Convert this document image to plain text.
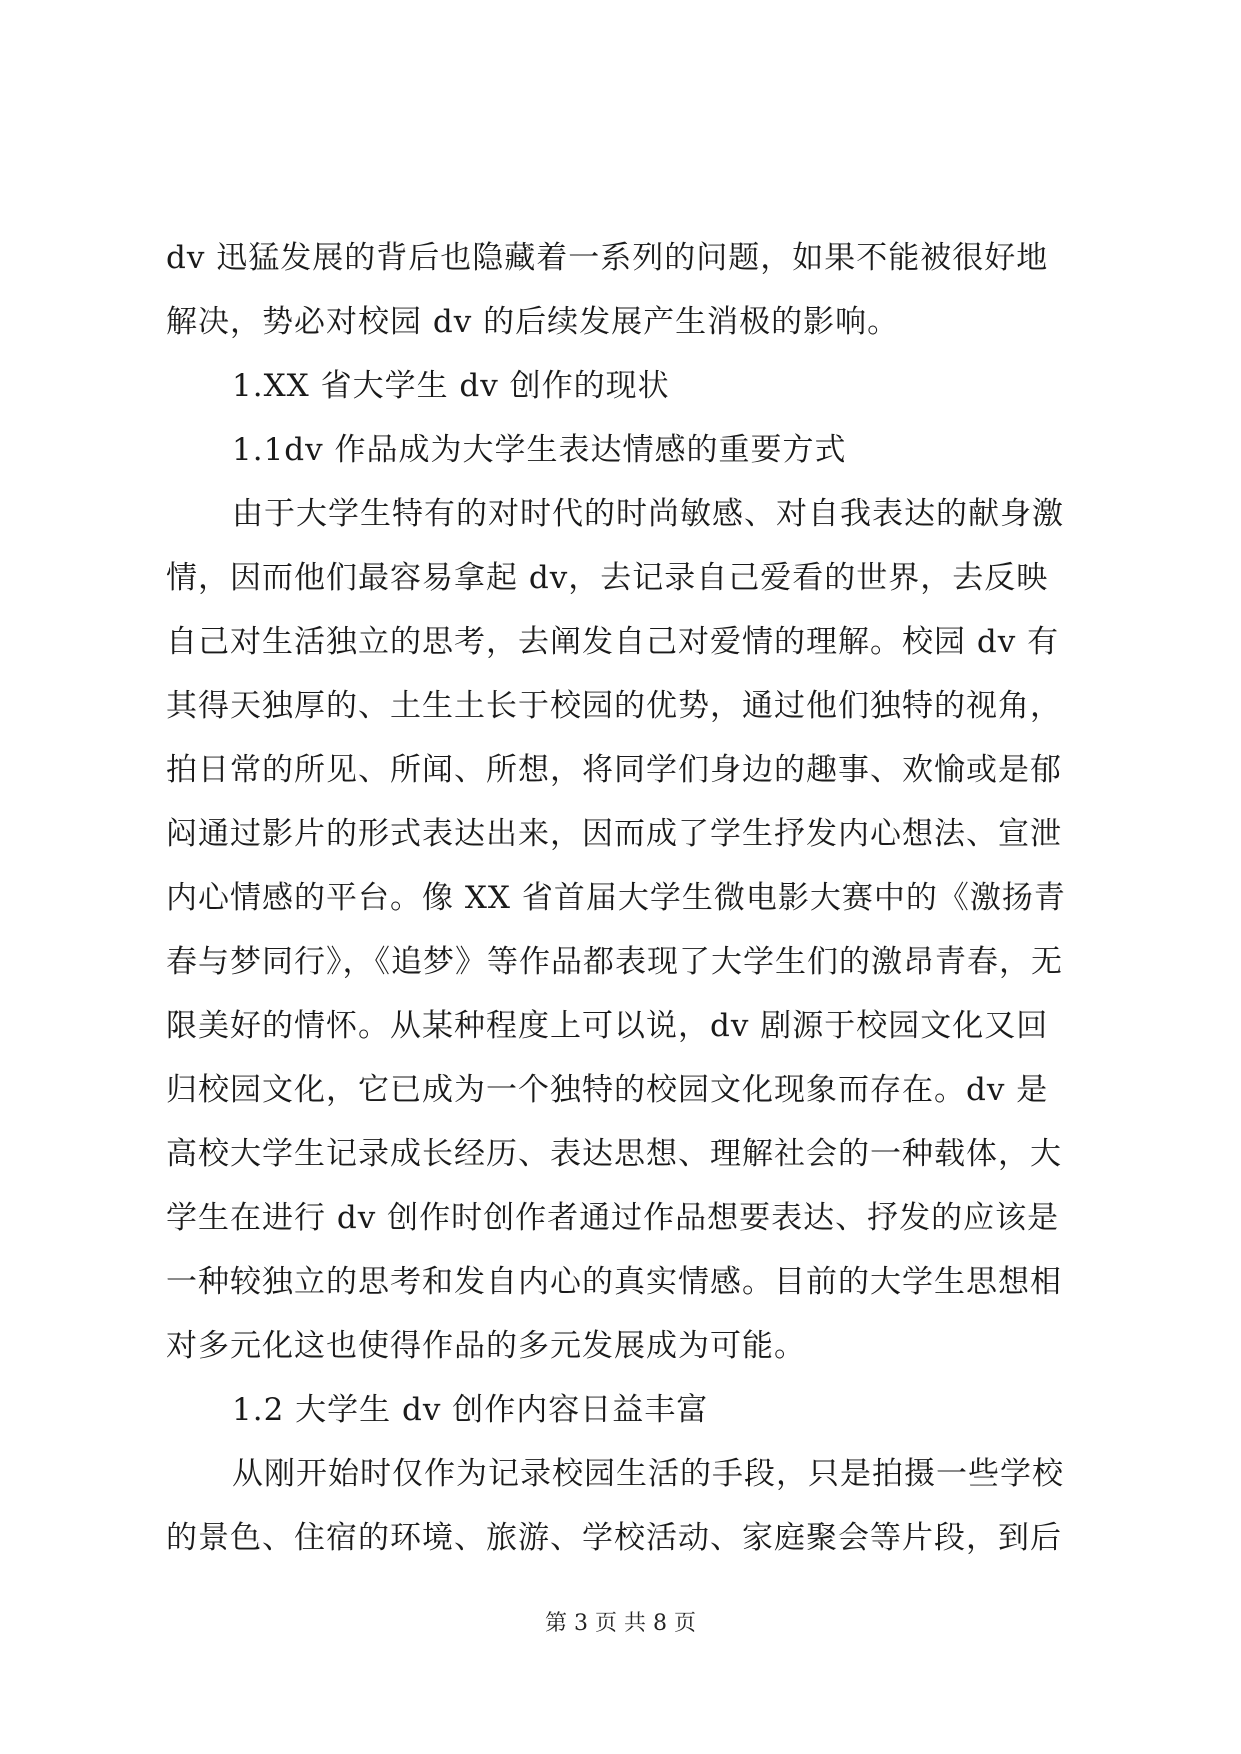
dv 迅猛发展的背后也隐藏着一系列的问题，如果不能被很好地
解决，势必对校园 dv 的后续发展产生消极的影响。
1.XX 省大学生 dv 创作的现状
1.1dv 作品成为大学生表达情感的重要方式
由于大学生特有的对时代的时尚敏感、对自我表达的献身激
情，因而他们最容易拿起 dv，去记录自己爱看的世界，去反映
自己对生活独立的思考，去阐发自己对爱情的理解。校园 dv 有
其得天独厚的、土生土长于校园的优势，通过他们独特的视角，
拍日常的所见、所闻、所想，将同学们身边的趣事、欢愉或是郁
闷通过影片的形式表达出来，因而成了学生抒发内心想法、宣泄
内心情感的平台。像 XX 省首届大学生微电影大赛中的《激扬青
春与梦同行》，《追梦》等作品都表现了大学生们的激昂青春，无
限美好的情怀。从某种程度上可以说，dv 剧源于校园文化又回
归校园文化，它已成为一个独特的校园文化现象而存在。dv 是
高校大学生记录成长经历、表达思想、理解社会的一种载体，大
学生在进行 dv 创作时创作者通过作品想要表达、抒发的应该是
一种较独立的思考和发自内心的真实情感。目前的大学生思想相
对多元化这也使得作品的多元发展成为可能。
1.2 大学生 dv 创作内容日益丰富
从刚开始时仅作为记录校园生活的手段，只是拍摄一些学校
的景色、住宿的环境、旅游、学校活动、家庭聚会等片段，到后
第 3 页 共 8 页
